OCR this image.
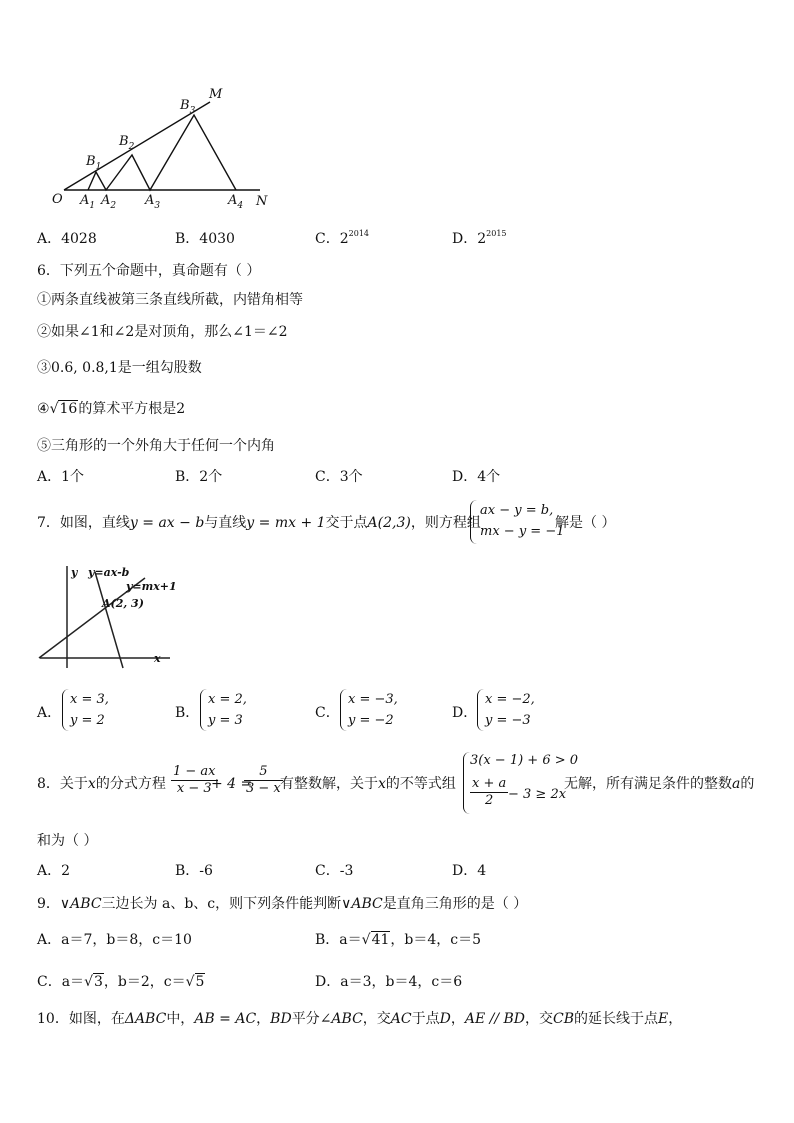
O	N
M
$A_1$ $A_2$ $A_3$	$A_4$
$B_1$
$B_2$
$B_3$
A．4028	B．4030	C．$2^{2014}$	D．$2^{2015}$
6．下列五个命题中，真命题有（ ）
①两条直线被第三条直线所截，内错角相等
②如果∠1和∠2是对顶角，那么∠1＝∠2
③0.6, 0.8,1是一组勾股数
④√16的算术平方根是2
⑤三角形的一个外角大于任何一个内角
A．1个	B．2个	C．3个	D．4个
7．如图，直线y = ax − b与直线y = mx + 1交于点A(2,3)，则方程组
ax − y = b,
mx − y = −1
解是（ ）
y
x
y=ax-b
y=mx+1
A(2, 3)
A．
x = 3,
y = 2	B．
x = 2,
y = 3	C．
x = −3,
y = −2	D．
x = −2,
y = −3
8．关于x的分式方程 $\frac{1 - ax}{x - 3}$
+ 4 =
$\frac{5}{3 - x}$
有整数解，关于x的不等式组
3(x − 1) + 6 > 0
$\frac{x + a}{2} - 3 \ge 2x$
无解，所有满足条件的整数a的
和为（ ）
A．2	B．-6	C．-3	D．4
9．∨ABC三边长为 a、b、c，则下列条件能判断∨ABC是直角三角形的是（ ）
A．a＝7，b＝8，c＝10	B．a＝√41，b＝4，c＝5
C．a＝√3，b＝2，c＝√5	D．a＝3，b＝4，c＝6
10．如图，在ΔABC中，AB = AC，BD平分∠ABC，交AC于点D，AE // BD，交CB的延长线于点E，
